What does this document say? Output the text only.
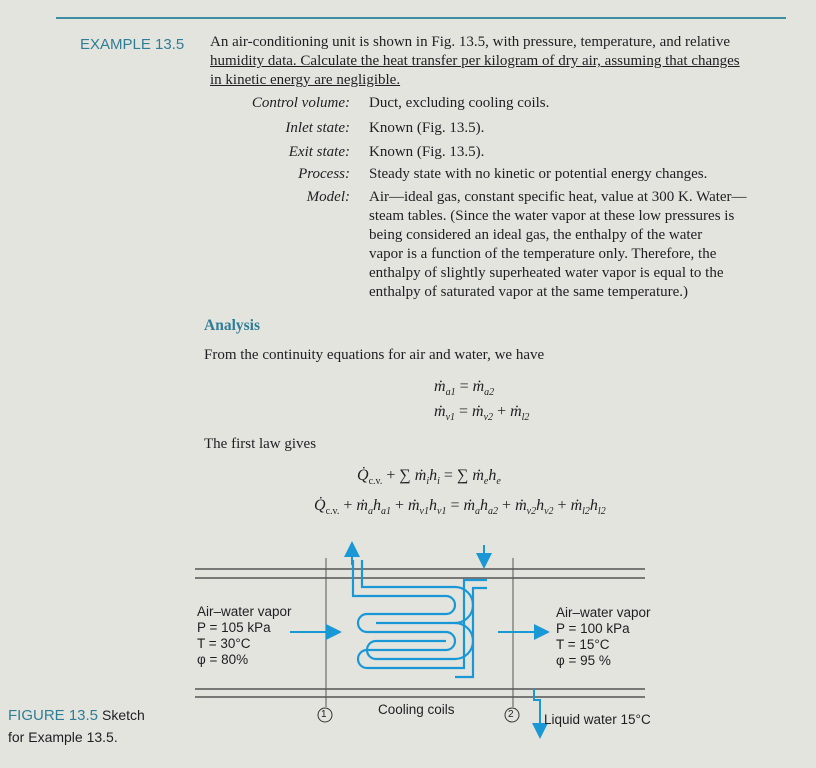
EXAMPLE 13.5 An air-conditioning unit is shown in Fig. 13.5, with pressure, temperature, and relative
humidity data. Calculate the heat transfer per kilogram of dry air, assuming that changes
in kinetic energy are negligible.
Control volume: Duct, excluding cooling coils.
Inlet state: Known (Fig. 13.5).
Exit state: Known (Fig. 13.5).
Process: Steady state with no kinetic or potential energy changes.
Model: Air—ideal gas, constant specific heat, value at 300 K. Water—
steam tables. (Since the water vapor at these low pressures is
being considered an ideal gas, the enthalpy of the water
vapor is a function of the temperature only. Therefore, the
enthalpy of slightly superheated water vapor is equal to the
enthalpy of saturated vapor at the same temperature.)
Analysis
From the continuity equations for air and water, we have
ṁ$_{a1}$ = ṁ$_{a2}$
ṁ$_{v1}$ = ṁ$_{v2}$ + ṁ$_{l2}$
The first law gives
$Q̇_{c.v.}$ + ∑ $ṁ_ih_i$ = ∑ $ṁ_eh_e$
$Q̇_{c.v.}$ + $ṁ_ah_{a1}$ + $ṁ_{v1}h_{v1}$ = $ṁ_ah_{a2}$ + $ṁ_{v2}h_{v2}$ + $ṁ_{l2}h_{l2}$
Air–water vapor
P = 105 kPa
T = 30°C
φ = 80%
Air–water vapor
P = 100 kPa
T = 15°C
φ = 95 %
1	2
Cooling coils
Liquid water 15°C
FIGURE 13.5 Sketch
for Example 13.5.
